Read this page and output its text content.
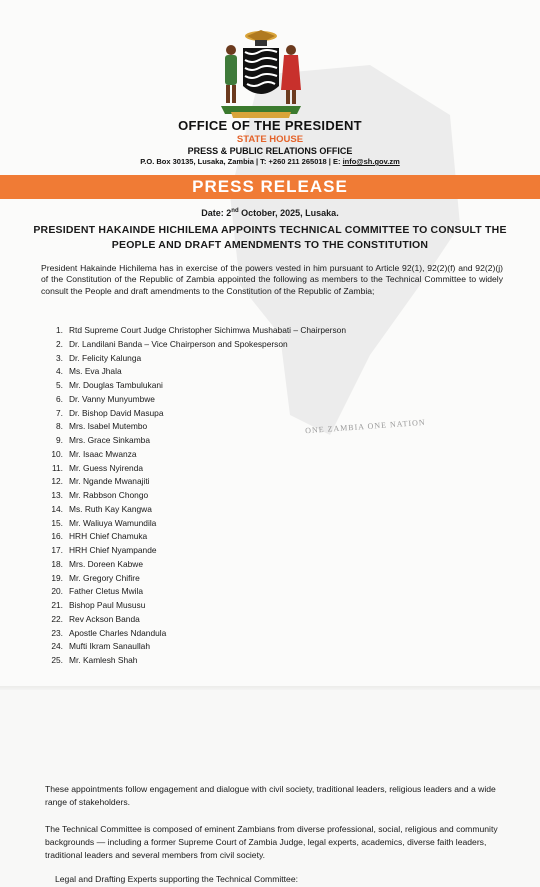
ONE ZAMBIA ONE NATION
OFFICE OF THE PRESIDENT
STATE HOUSE
PRESS & PUBLIC RELATIONS OFFICE
P.O. Box 30135, Lusaka, Zambia | T: +260 211 265018 | E: info@sh.gov.zm
PRESS RELEASE
Date: 2nd October, 2025, Lusaka.
PRESIDENT HAKAINDE HICHILEMA APPOINTS TECHNICAL COMMITTEE TO CONSULT THE PEOPLE AND DRAFT AMENDMENTS TO THE CONSTITUTION
President Hakainde Hichilema has in exercise of the powers vested in him pursuant to Article 92(1), 92(2)(f) and 92(2)(j) of the Constitution of the Republic of Zambia appointed the following as members to the Technical Committee to widely consult the People and draft amendments to the Constitution of the Republic of Zambia;
1. Rtd Supreme Court Judge Christopher Sichimwa Mushabati – Chairperson
2. Dr. Landilani Banda – Vice Chairperson and Spokesperson
3. Dr. Felicity Kalunga
4. Ms. Eva Jhala
5. Mr. Douglas Tambulukani
6. Dr. Vanny Munyumbwe
7. Dr. Bishop David Masupa
8. Mrs. Isabel Mutembo
9. Mrs. Grace Sinkamba
10. Mr. Isaac Mwanza
11. Mr. Guess Nyirenda
12. Mr. Ngande Mwanajiti
13. Mr. Rabbson Chongo
14. Ms. Ruth Kay Kangwa
15. Mr. Waliuya Wamundila
16. HRH Chief Chamuka
17. HRH Chief Nyampande
18. Mrs. Doreen Kabwe
19. Mr. Gregory Chifire
20. Father Cletus Mwila
21. Bishop Paul Mususu
22. Rev Ackson Banda
23. Apostle Charles Ndandula
24. Mufti Ikram Sanaullah
25. Mr. Kamlesh Shah
These appointments follow engagement and dialogue with civil society, traditional leaders, religious leaders and a wide range of stakeholders.
The Technical Committee is composed of eminent Zambians from diverse professional, social, religious and community backgrounds — including a former Supreme Court of Zambia Judge, legal experts, academics, diverse faith leaders, traditional leaders and several members from civil society.
Legal and Drafting Experts supporting the Technical Committee:
